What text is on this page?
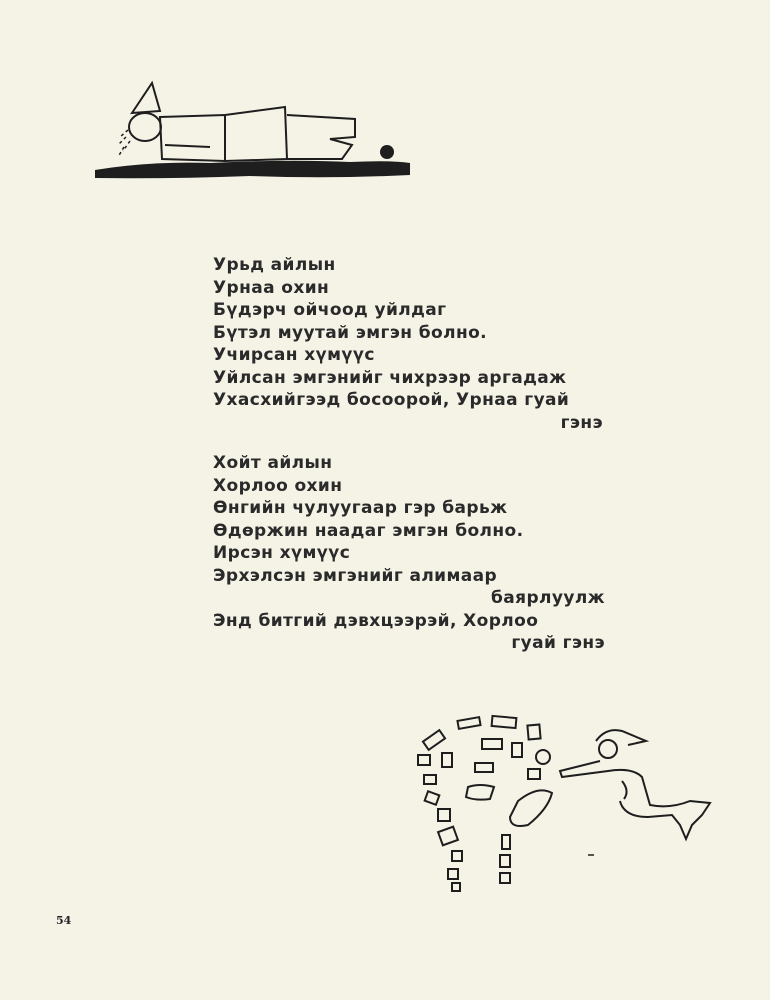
Урьд айлын
Урнаа охин
Бүдэрч ойчоод уйлдаг
Бүтэл муутай эмгэн болно.
Учирсан хүмүүс
Уйлсан эмгэнийг чихрээр аргадаж
Ухасхийгээд босоорой, Урнаа гуай
гэнэ
Хойт айлын
Хорлоо охин
Өнгийн чулуугаар гэр барьж
Өдөржин наадаг эмгэн болно.
Ирсэн хүмүүс
Эрхэлсэн эмгэнийг алимаар
баярлуулж
Энд битгий дэвхцээрэй, Хорлоо
гуай гэнэ
54
